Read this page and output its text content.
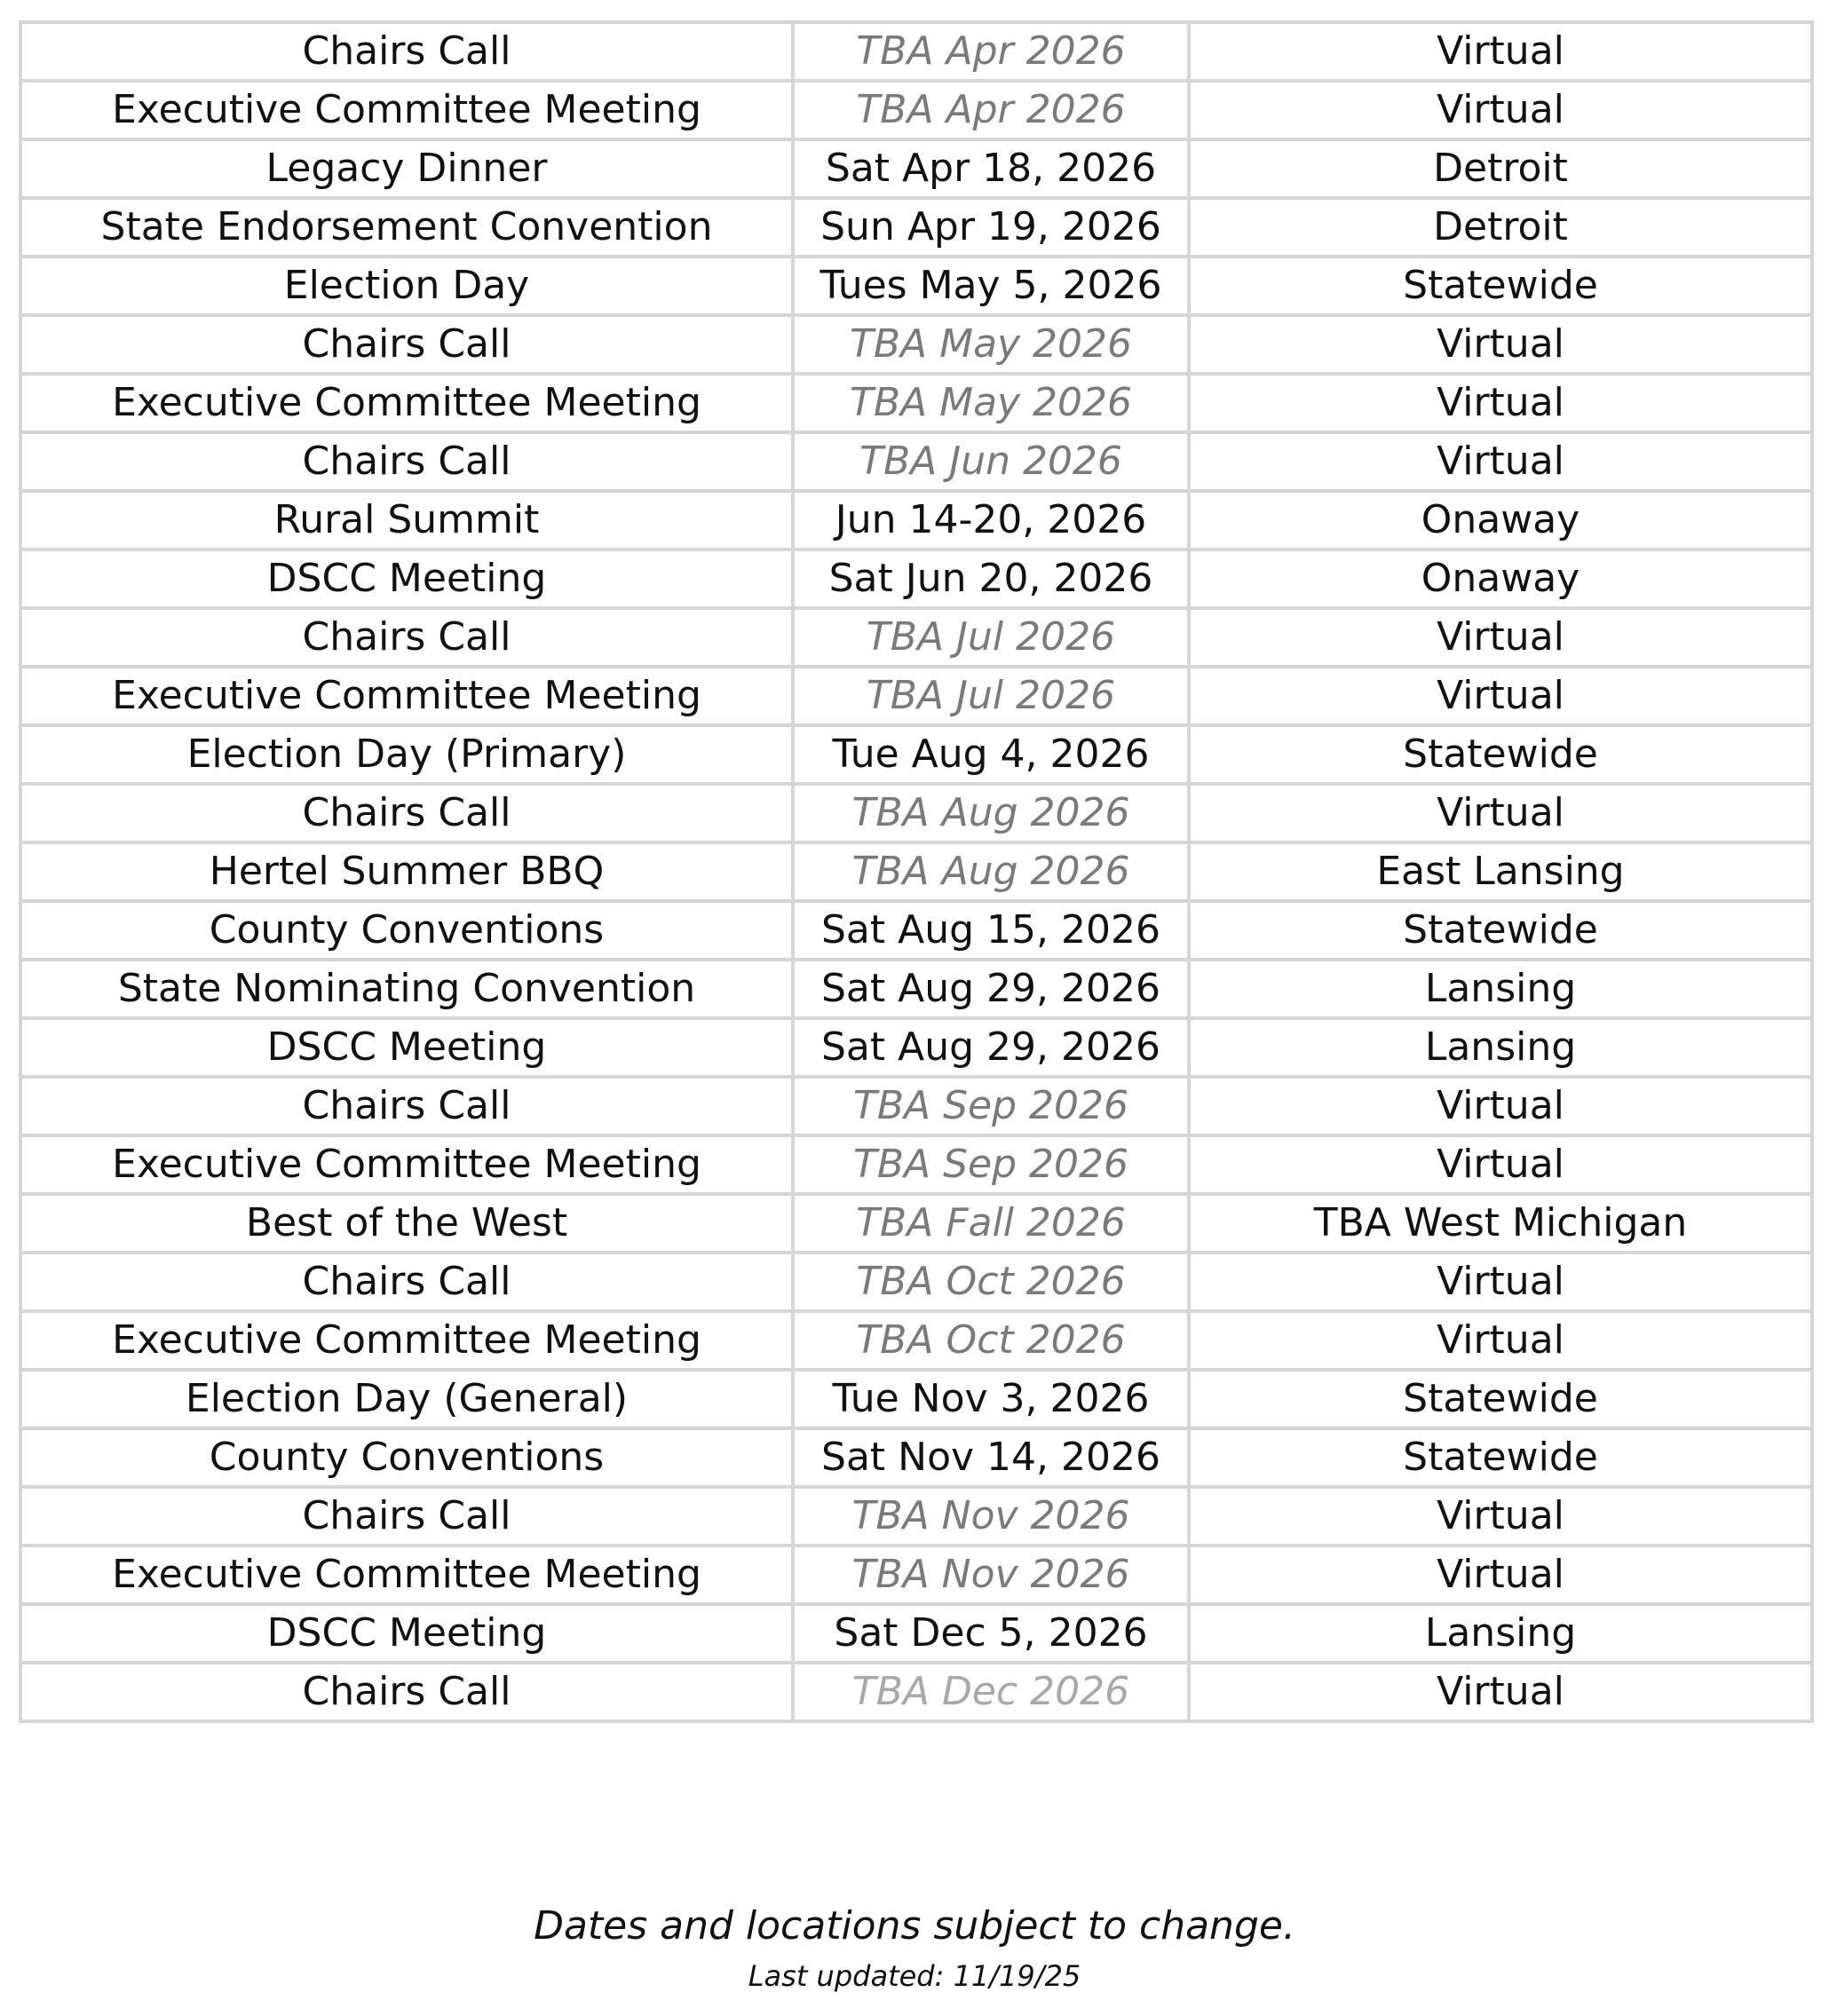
Chairs Call	TBA Apr 2026	Virtual
Executive Committee Meeting	TBA Apr 2026	Virtual
Legacy Dinner	Sat Apr 18, 2026	Detroit
State Endorsement Convention	Sun Apr 19, 2026	Detroit
Election Day	Tues May 5, 2026	Statewide
Chairs Call	TBA May 2026	Virtual
Executive Committee Meeting	TBA May 2026	Virtual
Chairs Call	TBA Jun 2026	Virtual
Rural Summit	Jun 14-20, 2026	Onaway
DSCC Meeting	Sat Jun 20, 2026	Onaway
Chairs Call	TBA Jul 2026	Virtual
Executive Committee Meeting	TBA Jul 2026	Virtual
Election Day (Primary)	Tue Aug 4, 2026	Statewide
Chairs Call	TBA Aug 2026	Virtual
Hertel Summer BBQ	TBA Aug 2026	East Lansing
County Conventions	Sat Aug 15, 2026	Statewide
State Nominating Convention	Sat Aug 29, 2026	Lansing
DSCC Meeting	Sat Aug 29, 2026	Lansing
Chairs Call	TBA Sep 2026	Virtual
Executive Committee Meeting	TBA Sep 2026	Virtual
Best of the West	TBA Fall 2026	TBA West Michigan
Chairs Call	TBA Oct 2026	Virtual
Executive Committee Meeting	TBA Oct 2026	Virtual
Election Day (General)	Tue Nov 3, 2026	Statewide
County Conventions	Sat Nov 14, 2026	Statewide
Chairs Call	TBA Nov 2026	Virtual
Executive Committee Meeting	TBA Nov 2026	Virtual
DSCC Meeting	Sat Dec 5, 2026	Lansing
Chairs Call	TBA Dec 2026	Virtual
Dates and locations subject to change.
Last updated: 11/19/25
